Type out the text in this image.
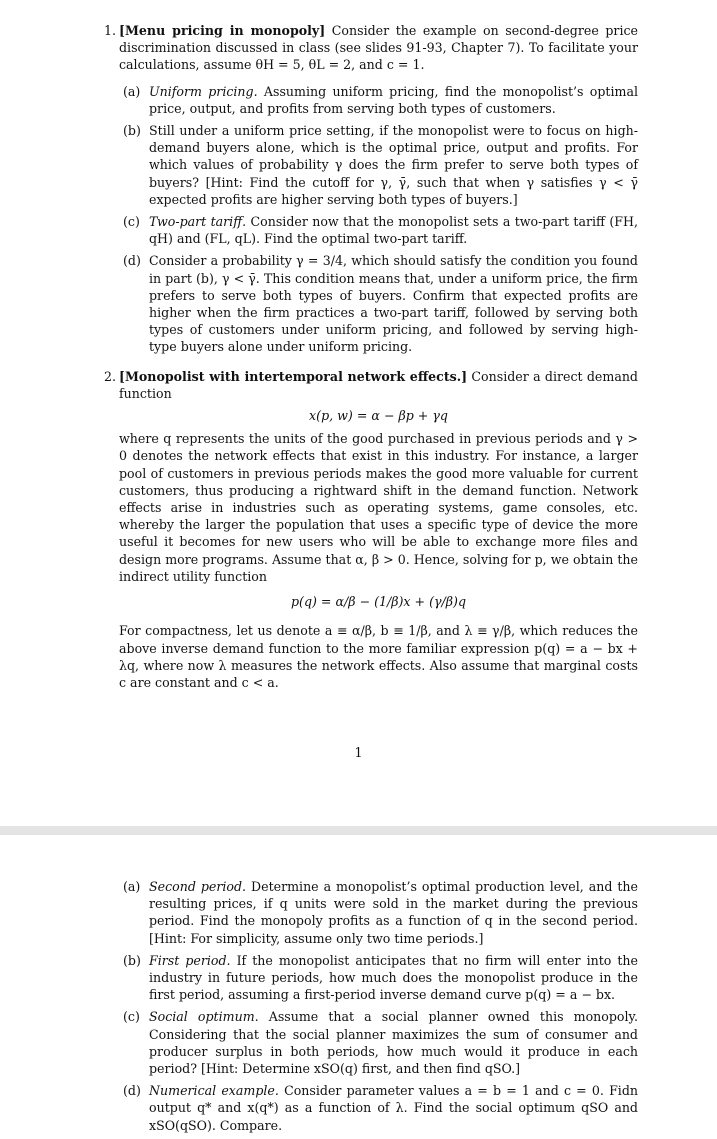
1. [Menu pricing in monopoly] Consider the example on second-degree price discrimination discussed in class (see slides 91-93, Chapter 7). To facilitate your calculations, assume θH = 5, θL = 2, and c = 1.
(a) Uniform pricing. Assuming uniform pricing, find the monopolist’s optimal price, output, and profits from serving both types of customers.
(b) Still under a uniform price setting, if the monopolist were to focus on high-demand buyers alone, which is the optimal price, output and profits. For which values of probability γ does the firm prefer to serve both types of buyers? [Hint: Find the cutoff for γ, γ̄, such that when γ satisfies γ < γ̄ expected profits are higher serving both types of buyers.]
(c) Two-part tariff. Consider now that the monopolist sets a two-part tariff (FH, qH) and (FL, qL). Find the optimal two-part tariff.
(d) Consider a probability γ = 3/4, which should satisfy the condition you found in part (b), γ < γ̄. This condition means that, under a uniform price, the firm prefers to serve both types of buyers. Confirm that expected profits are higher when the firm practices a two-part tariff, followed by serving both types of customers under uniform pricing, and followed by serving high-type buyers alone under uniform pricing.
2. [Monopolist with intertemporal network effects.] Consider a direct demand function
x(p, w) = α − βp + γq
where q represents the units of the good purchased in previous periods and γ > 0 denotes the network effects that exist in this industry. For instance, a larger pool of customers in previous periods makes the good more valuable for current customers, thus producing a rightward shift in the demand function. Network effects arise in industries such as operating systems, game consoles, etc. whereby the larger the population that uses a specific type of device the more useful it becomes for new users who will be able to exchange more files and design more programs. Assume that α, β > 0. Hence, solving for p, we obtain the indirect utility function
p(q) = α/β − (1/β)x + (γ/β)q
For compactness, let us denote a ≡ α/β, b ≡ 1/β, and λ ≡ γ/β, which reduces the above inverse demand function to the more familiar expression p(q) = a − bx + λq, where now λ measures the network effects. Also assume that marginal costs c are constant and c < a.
1
(a) Second period. Determine a monopolist’s optimal production level, and the resulting prices, if q units were sold in the market during the previous period. Find the monopoly profits as a function of q in the second period. [Hint: For simplicity, assume only two time periods.]
(b) First period. If the monopolist anticipates that no firm will enter into the industry in future periods, how much does the monopolist produce in the first period, assuming a first-period inverse demand curve p(q) = a − bx.
(c) Social optimum. Assume that a social planner owned this monopoly. Considering that the social planner maximizes the sum of consumer and producer surplus in both periods, how much would it produce in each period? [Hint: Determine xSO(q) first, and then find qSO.]
(d) Numerical example. Consider parameter values a = b = 1 and c = 0. Fidn output q* and x(q*) as a function of λ. Find the social optimum qSO and xSO(qSO). Compare.
